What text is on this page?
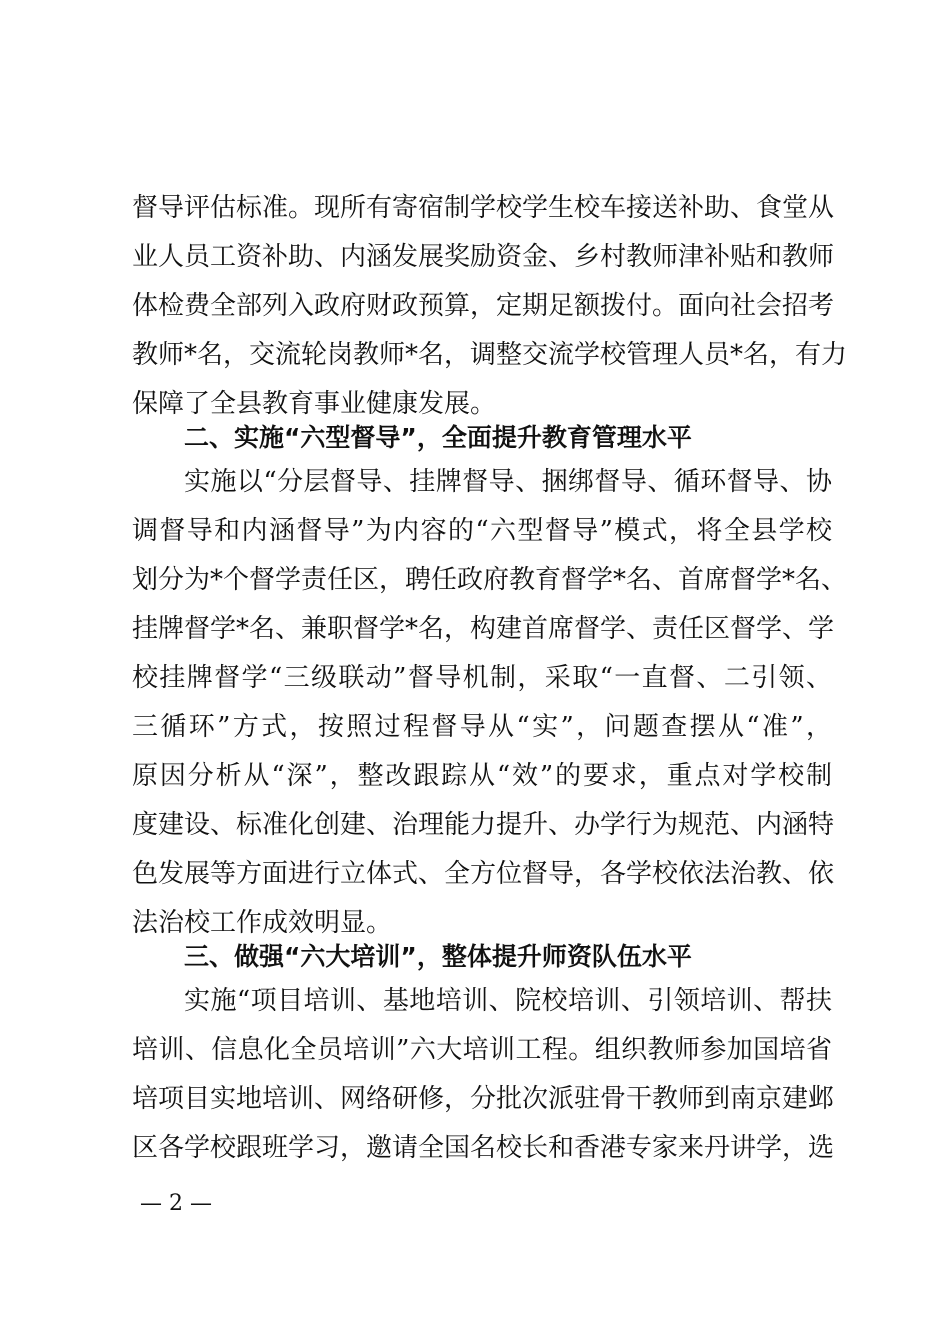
督导评估标准。现所有寄宿制学校学生校车接送补助、食堂从
业人员工资补助、内涵发展奖励资金、乡村教师津补贴和教师
体检费全部列入政府财政预算，定期足额拨付。面向社会招考
教师*名，交流轮岗教师*名，调整交流学校管理人员*名，有力
保障了全县教育事业健康发展。
二、实施“六型督导”，全面提升教育管理水平
实施以“分层督导、挂牌督导、捆绑督导、循环督导、协
调督导和内涵督导”为内容的“六型督导”模式，将全县学校
划分为*个督学责任区，聘任政府教育督学*名、首席督学*名、
挂牌督学*名、兼职督学*名，构建首席督学、责任区督学、学
校挂牌督学“三级联动”督导机制，采取“一直督、二引领、
三循环”方式，按照过程督导从“实”，问题查摆从“准”，
原因分析从“深”，整改跟踪从“效”的要求，重点对学校制
度建设、标准化创建、治理能力提升、办学行为规范、内涵特
色发展等方面进行立体式、全方位督导，各学校依法治教、依
法治校工作成效明显。
三、做强“六大培训”，整体提升师资队伍水平
实施“项目培训、基地培训、院校培训、引领培训、帮扶
培训、信息化全员培训”六大培训工程。组织教师参加国培省
培项目实地培训、网络研修，分批次派驻骨干教师到南京建邺
区各学校跟班学习，邀请全国名校长和香港专家来丹讲学，选
— 2 —
